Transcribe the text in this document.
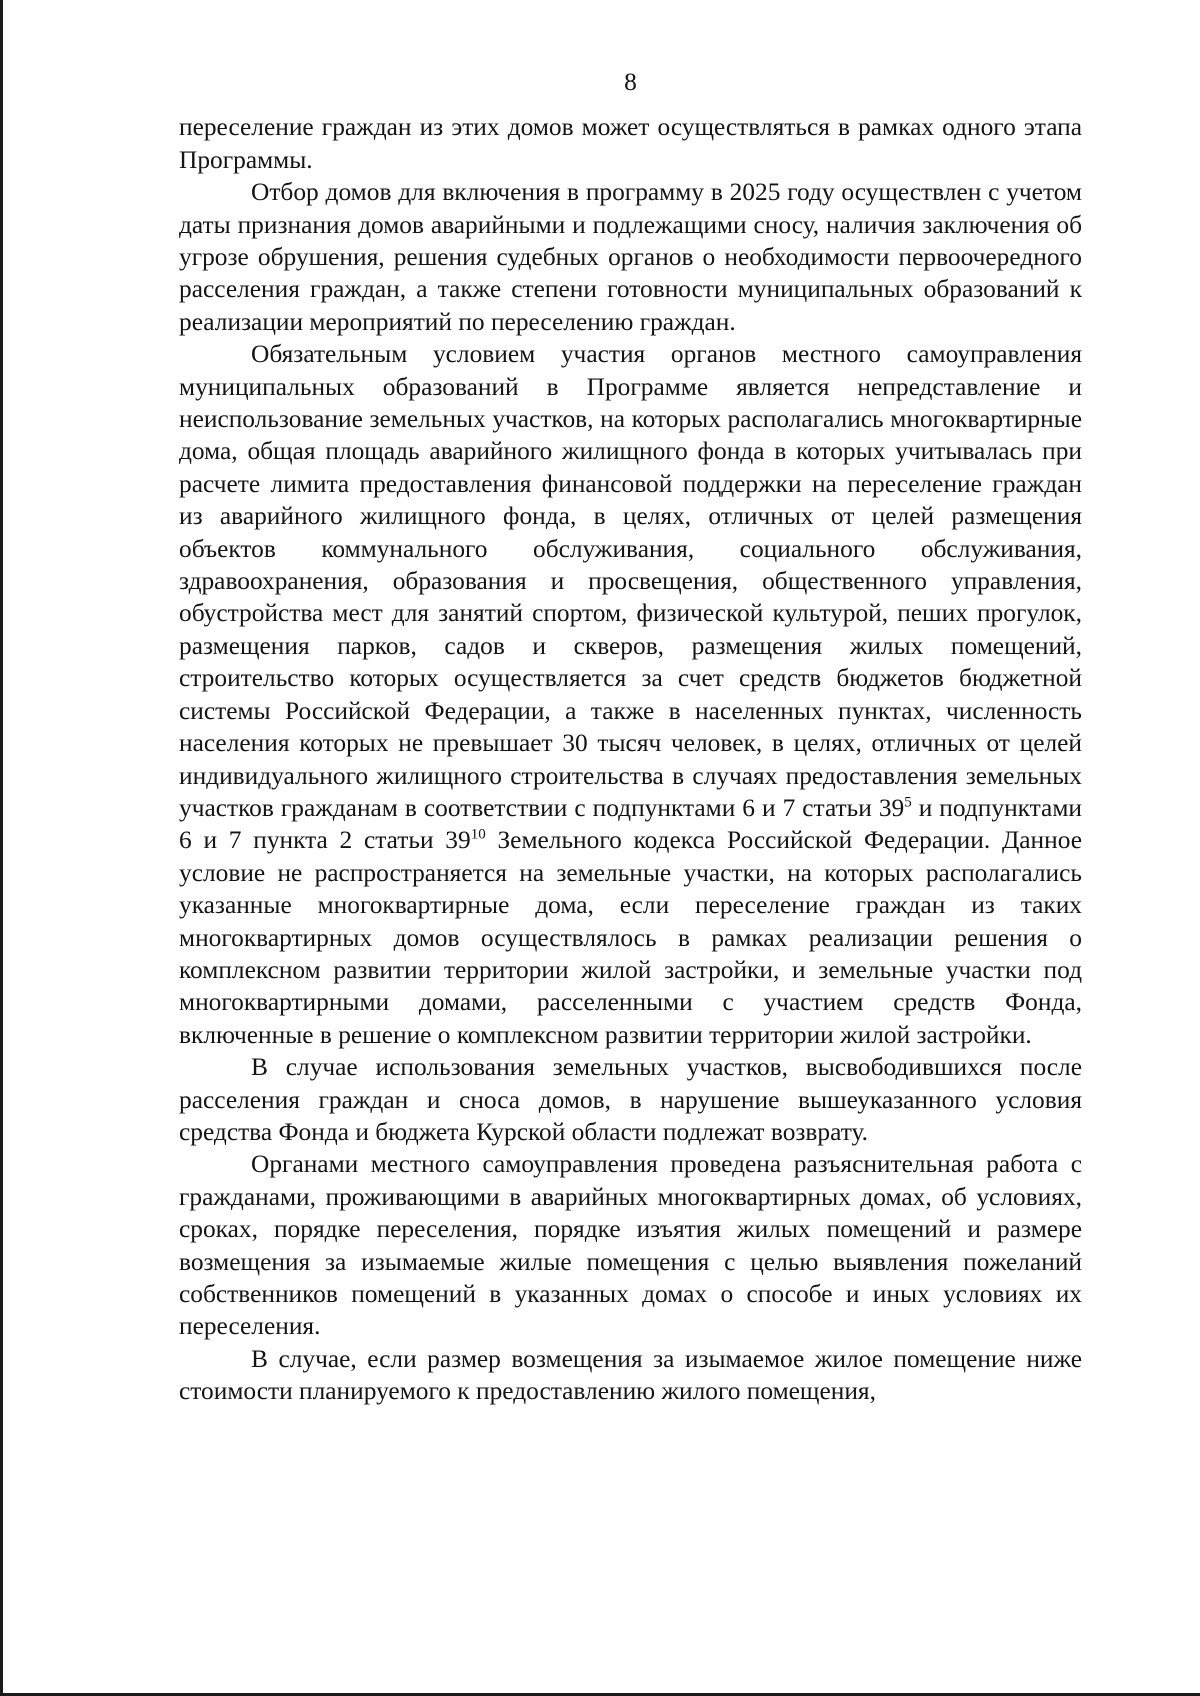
8

переселение граждан из этих домов может осуществляться в рамках одного этапа Программы.

Отбор домов для включения в программу в 2025 году осуществлен с учетом даты признания домов аварийными и подлежащими сносу, наличия заключения об угрозе обрушения, решения судебных органов о необходимости первоочередного расселения граждан, а также степени готовности муниципальных образований к реализации мероприятий по переселению граждан.

Обязательным условием участия органов местного самоуправления муниципальных образований в Программе является непредставление и неиспользование земельных участков, на которых располагались многоквартирные дома, общая площадь аварийного жилищного фонда в которых учитывалась при расчете лимита предоставления финансовой поддержки на переселение граждан из аварийного жилищного фонда, в целях, отличных от целей размещения объектов коммунального обслуживания, социального обслуживания, здравоохранения, образования и просвещения, общественного управления, обустройства мест для занятий спортом, физической культурой, пеших прогулок, размещения парков, садов и скверов, размещения жилых помещений, строительство которых осуществляется за счет средств бюджетов бюджетной системы Российской Федерации, а также в населенных пунктах, численность населения которых не превышает 30 тысяч человек, в целях, отличных от целей индивидуального жилищного строительства в случаях предоставления земельных участков гражданам в соответствии с подпунктами 6 и 7 статьи $39^5$ и подпунктами 6 и 7 пункта 2 статьи $39^{10}$ Земельного кодекса Российской Федерации. Данное условие не распространяется на земельные участки, на которых располагались указанные многоквартирные дома, если переселение граждан из таких многоквартирных домов осуществлялось в рамках реализации решения о комплексном развитии территории жилой застройки, и земельные участки под многоквартирными домами, расселенными с участием средств Фонда, включенные в решение о комплексном развитии территории жилой застройки.

В случае использования земельных участков, высвободившихся после расселения граждан и сноса домов, в нарушение вышеуказанного условия средства Фонда и бюджета Курской области подлежат возврату.

Органами местного самоуправления проведена разъяснительная работа с гражданами, проживающими в аварийных многоквартирных домах, об условиях, сроках, порядке переселения, порядке изъятия жилых помещений и размере возмещения за изымаемые жилые помещения с целью выявления пожеланий собственников помещений в указанных домах о способе и иных условиях их переселения.

В случае, если размер возмещения за изымаемое жилое помещение ниже стоимости планируемого к предоставлению жилого помещения,
